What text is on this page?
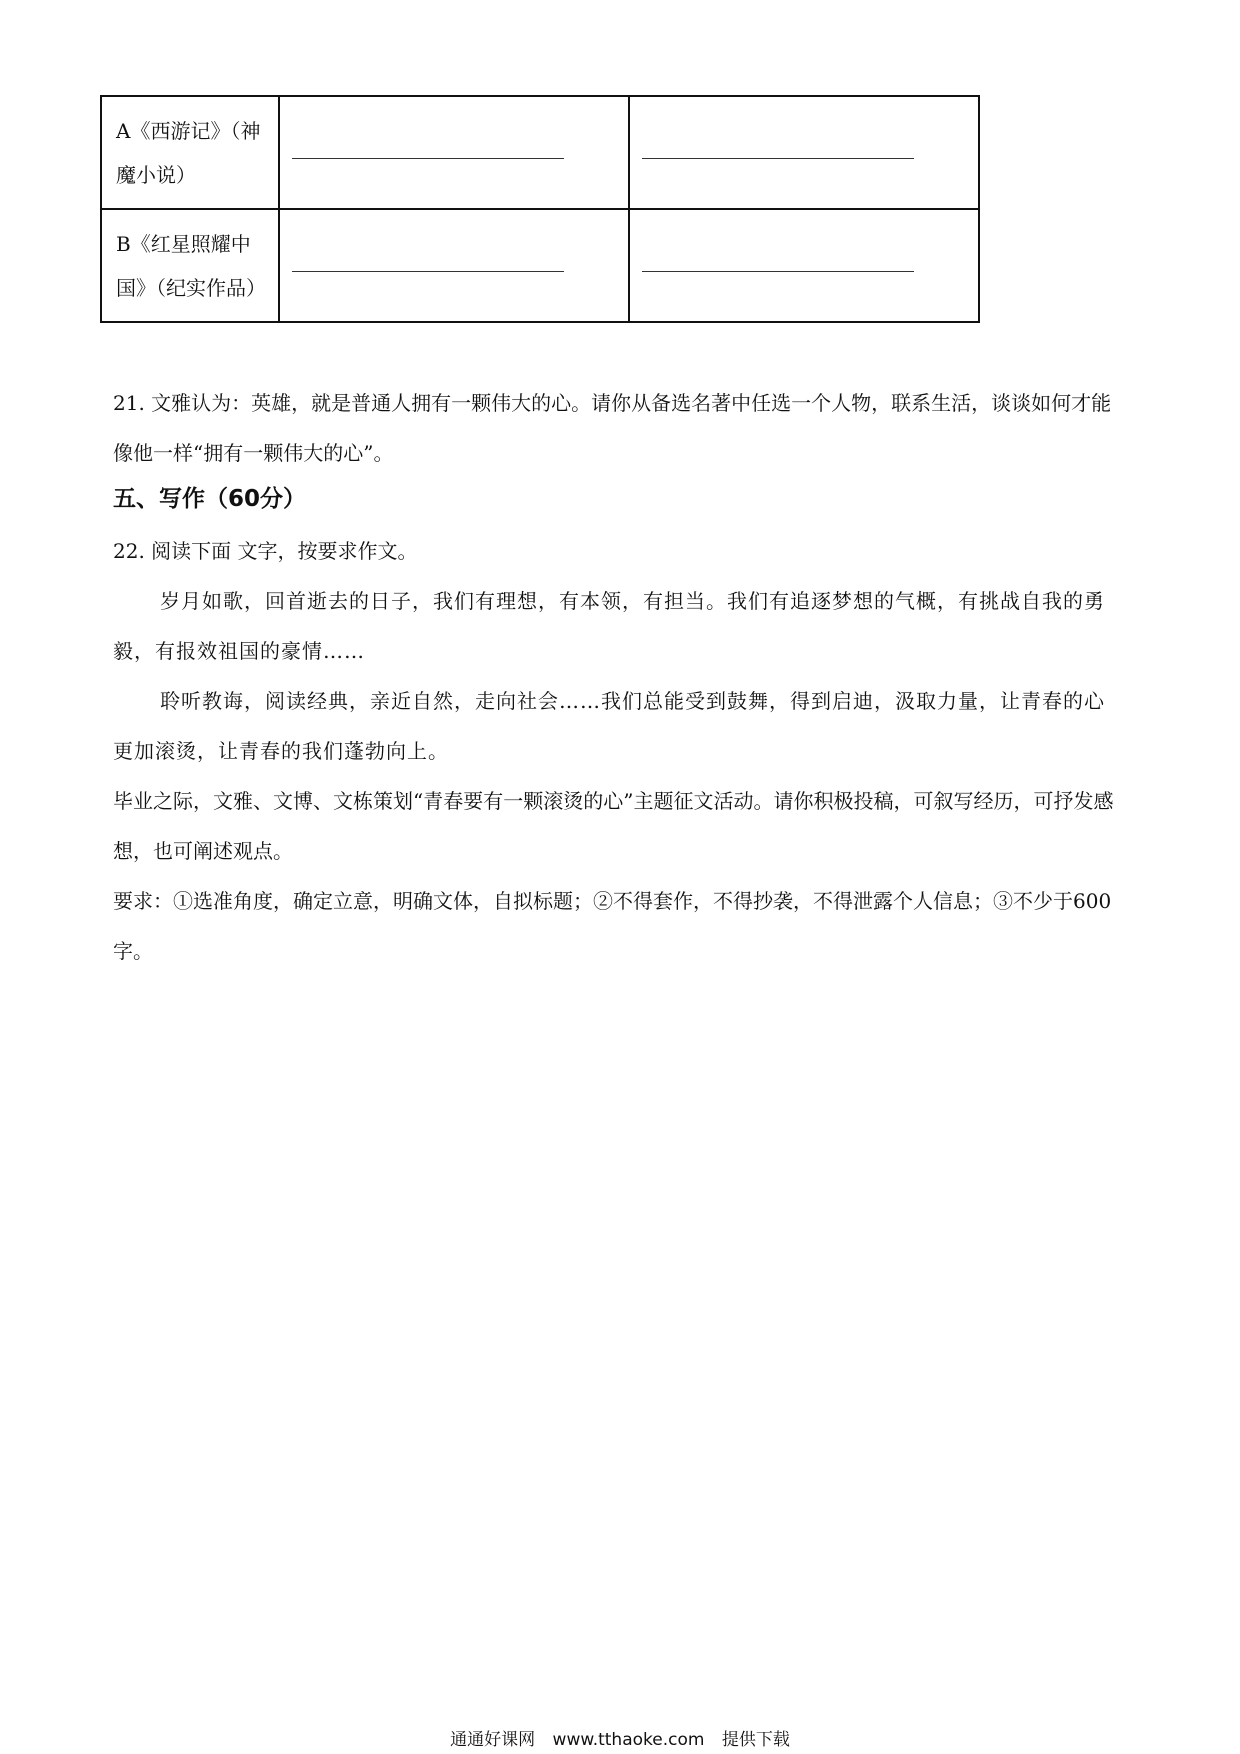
A《西游记》（神魔小说）	

B《红星照耀中国》（纪实作品）	

21. 文雅认为：英雄，就是普通人拥有一颗伟大的心。请你从备选名著中任选一个人物，联系生活，谈谈如何才能像他一样“拥有一颗伟大的心”。

五、写作（60分）

22. 阅读下面 文字，按要求作文。

岁月如歌，回首逝去的日子，我们有理想，有本领，有担当。我们有追逐梦想的气概，有挑战自我的勇毅，有报效祖国的豪情……

聆听教诲，阅读经典，亲近自然，走向社会……我们总能受到鼓舞，得到启迪，汲取力量，让青春的心更加滚烫，让青春的我们蓬勃向上。

毕业之际，文雅、文博、文栋策划“青春要有一颗滚烫的心”主题征文活动。请你积极投稿，可叙写经历，可抒发感想，也可阐述观点。

要求：①选准角度，确定立意，明确文体，自拟标题；②不得套作，不得抄袭，不得泄露个人信息；③不少于600字。

通通好课网 www.tthaoke.com 提供下载
